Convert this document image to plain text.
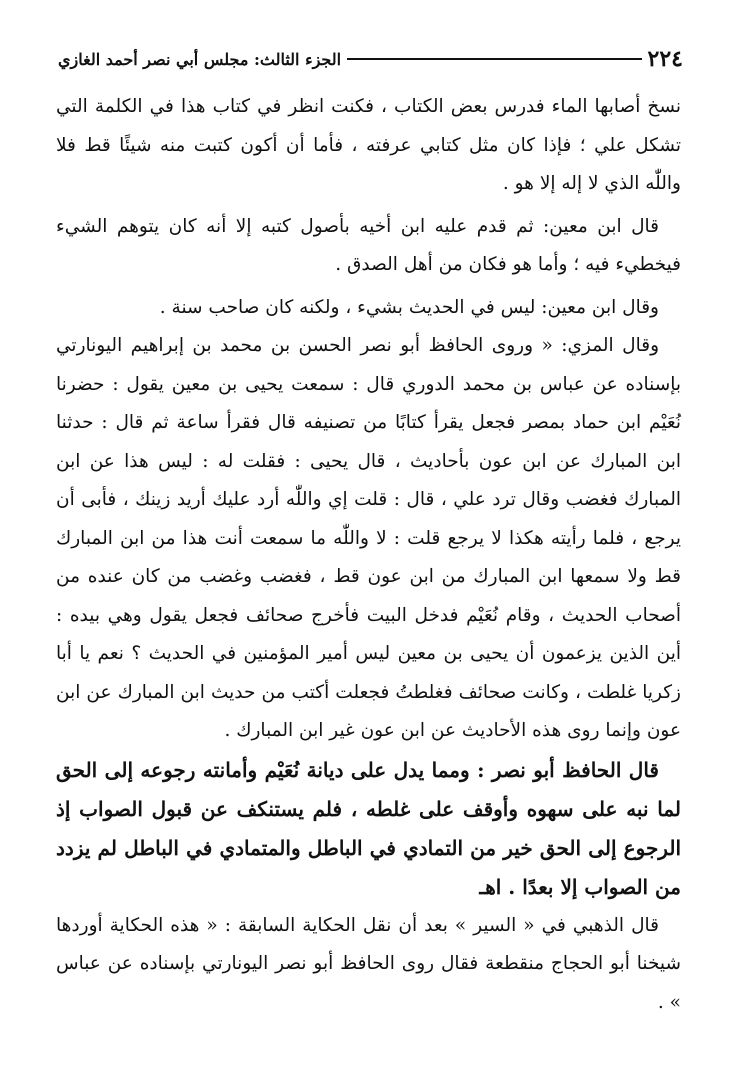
٢٢٤
الجزء الثالث: مجلس أبي نصر أحمد الغازي

نسخ أصابها الماء فدرس بعض الكتاب ، فكنت انظر في كتاب هذا في الكلمة التي تشكل علي ؛ فإذا كان مثل كتابي عرفته ، فأما أن أكون كتبت منه شيئًا قط فلا واللّٰه الذي لا إله إلا هو .

قال ابن معين: ثم قدم عليه ابن أخيه بأصول كتبه إلا أنه كان يتوهم الشيء فيخطيء فيه ؛ وأما هو فكان من أهل الصدق .

وقال ابن معين: ليس في الحديث بشيء ، ولكنه كان صاحب سنة .

وقال المزي: « وروى الحافظ أبو نصر الحسن بن محمد بن إبراهيم اليونارتي بإسناده عن عباس بن محمد الدوري قال : سمعت يحيى بن معين يقول : حضرنا نُعَيْم ابن حماد بمصر فجعل يقرأ كتابًا من تصنيفه قال فقرأ ساعة ثم قال : حدثنا ابن المبارك عن ابن عون بأحاديث ، قال يحيى : فقلت له : ليس هذا عن ابن المبارك فغضب وقال ترد علي ، قال : قلت إي واللّٰه أرد عليك أريد زينك ، فأبى أن يرجع ، فلما رأيته هكذا لا يرجع قلت : لا واللّٰه ما سمعت أنت هذا من ابن المبارك قط ولا سمعها ابن المبارك من ابن عون قط ، فغضب وغضب من كان عنده من أصحاب الحديث ، وقام نُعَيْم فدخل البيت فأخرج صحائف فجعل يقول وهي بيده : أين الذين يزعمون أن يحيى بن معين ليس أمير المؤمنين في الحديث ؟ نعم يا أبا زكريا غلطت ، وكانت صحائف فغلطتُ فجعلت أكتب من حديث ابن المبارك عن ابن عون وإنما روى هذه الأحاديث عن ابن عون غير ابن المبارك .

قال الحافظ أبو نصر : ومما يدل على ديانة نُعَيْم وأمانته رجوعه إلى الحق لما نبه على سهوه وأوقف على غلطه ، فلم يستنكف عن قبول الصواب إذ الرجوع إلى الحق خير من التمادي في الباطل والمتمادي في الباطل لم يزدد من الصواب إلا بعدًا . اهـ

قال الذهبي في « السير » بعد أن نقل الحكاية السابقة : « هذه الحكاية أوردها شيخنا أبو الحجاج منقطعة فقال روى الحافظ أبو نصر اليونارتي بإسناده عن عباس » .
